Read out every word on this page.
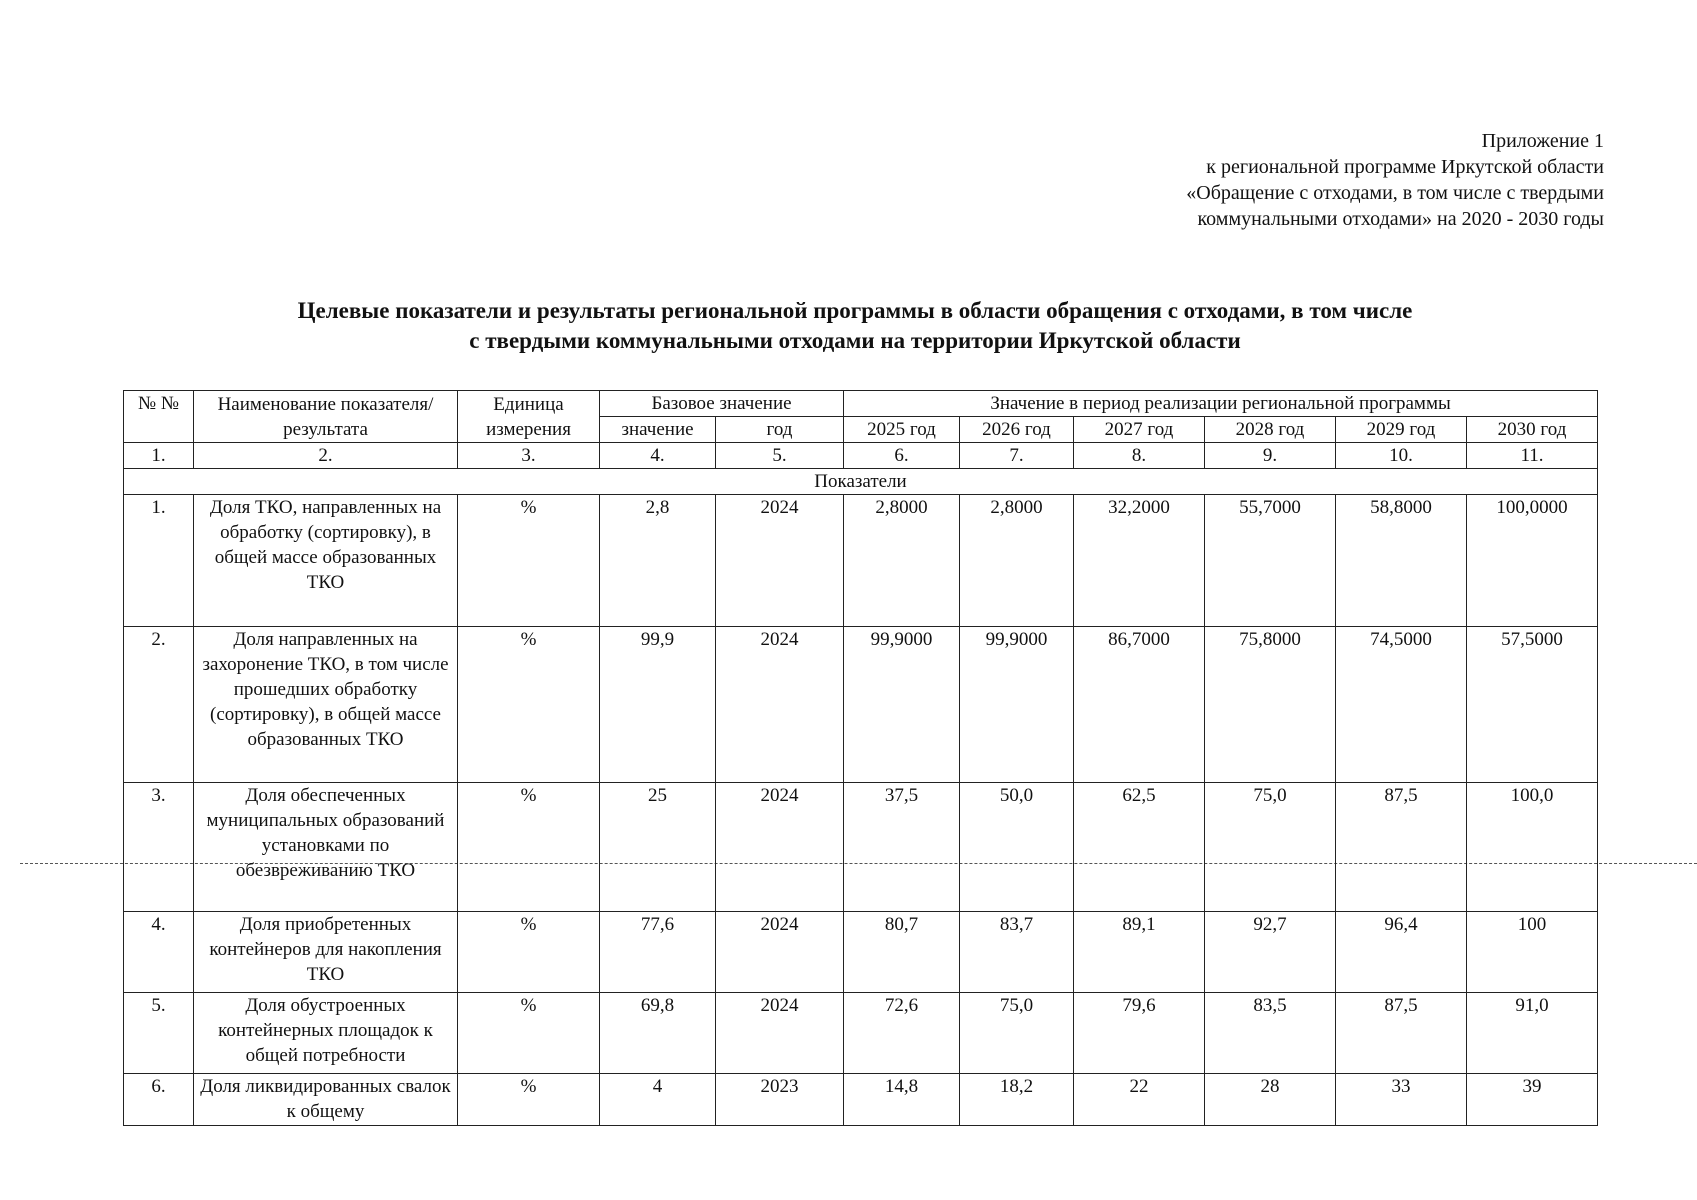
Приложение 1
к региональной программе Иркутской области
«Обращение с отходами, в том числе с твердыми
коммунальными отходами» на 2020 - 2030 годы
Целевые показатели и результаты региональной программы в области обращения с отходами, в том числе
с твердыми коммунальными отходами на территории Иркутской области
№ №	Наименование показателя/ результата	Единица измерения	Базовое значение		Значение в период реализации региональной программы					
			значение	год	2025 год	2026 год	2027 год	2028 год	2029 год	2030 год
1.	2.	3.	4.	5.	6.	7.	8.	9.	10.	11.
Показатели										
1.	Доля ТКО, направленных на обработку (сортировку), в общей массе образованных ТКО	%	2,8	2024	2,8000	2,8000	32,2000	55,7000	58,8000	100,0000
2.	Доля направленных на захоронение ТКО, в том числе прошедших обработку (сортировку), в общей массе образованных ТКО	%	99,9	2024	99,9000	99,9000	86,7000	75,8000	74,5000	57,5000
3.	Доля обеспеченных муниципальных образований установками по обезвреживанию ТКО	%	25	2024	37,5	50,0	62,5	75,0	87,5	100,0
4.	Доля приобретенных контейнеров для накопления ТКО	%	77,6	2024	80,7	83,7	89,1	92,7	96,4	100
5.	Доля обустроенных контейнерных площадок к общей потребности	%	69,8	2024	72,6	75,0	79,6	83,5	87,5	91,0
6.	Доля ликвидированных свалок к общему	%	4	2023	14,8	18,2	22	28	33	39
